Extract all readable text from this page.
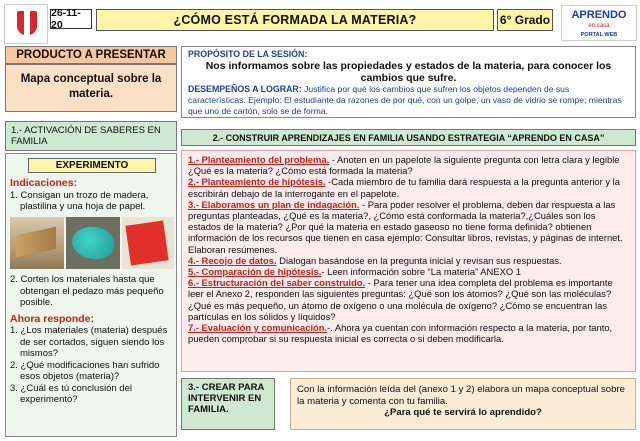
26-11-20	¿CÓMO ESTÁ FORMADA LA MATERIA?	6° Grado	APRENDO
en casa
PORTAL WEB
PRODUCTO A PRESENTAR
Mapa conceptual sobre la materia.
PROPÓSITO DE LA SESIÓN:
Nos informamos sobre las propiedades y estados de la materia, para conocer los cambios que sufre.
DESEMPEÑOS A LOGRAR: Justifica por qué los cambios que sufren los objetos dependen de sus características. Ejemplo: El estudiante da razones de por qué, con un golpe, un vaso de vidrio se rompe; mientras que uno de cartón, solo se de forma.
1.- ACTIVACIÓN DE SABERES EN FAMILIA
EXPERIMENTO
Indicaciones:
1. Consigan un trozo de madera, plastilina y una hoja de papel.
2. Corten los materiales hasta que obtengan el pedazo más pequeño posible.
Ahora responde:
1. ¿Los materiales (materia) después de ser cortados, siguen siendo los mismos?
2. ¿Qué modificaciones han sufrido esos objetos (materia)?
3. ¿Cuál es tú conclusión del experimento?
2.- CONSTRUIR APRENDIZAJES EN FAMILIA USANDO ESTRATEGIA “APRENDO EN CASA”
1.- Planteamiento del problema. - Anoten en un papelote la siguiente pregunta con letra clara y legible ¿Qué es la materia? ¿Cómo está formada la materia?
2.- Planteamiento de hipótesis. -Cada miembro de tu familia dará respuesta a la pregunta anterior y la escribirán debajo de la interrogante en el papelote.
3.- Elaboramos un plan de indagación. - Para poder resolver el problema, deben dar respuesta a las preguntas planteadas, ¿Qué es la materia?, ¿Cómo está conformada la materia?,¿Cuáles son los estados de la materia? ¿Por qué la materia en estado gaseoso no tiene forma definida? obtienen información de los recursos que tienen en casa ejemplo: Consultar libros, revistas, y páginas de internet. Elaboran resúmenes.
4.- Recojo de datos. Dialogan basándose en la pregunta inicial y revisan sus respuestas.
5.- Comparación de hipótesis.- Leen información sobre “La materia” ANEXO 1
6.- Estructuración del saber construido. - Para tener una idea completa del problema es importante leer el Anexo 2, responden las siguientes preguntas: ¿Qué son los átomos? ¿Qué son las moléculas? ¿Qué es más pequeño, un átomo de oxígeno o una molécula de oxígeno? ¿Cómo se encuentran las partículas en los sólidos y líquidos?
7.- Evaluación y comunicación.-. Ahora ya cuentan con información respecto a la materia, por tanto, pueden comprobar si su respuesta inicial es correcta o si deben modificarla.
3.- CREAR PARA INTERVENIR EN FAMILIA.
Con la información leída del (anexo 1 y 2) elabora un mapa conceptual sobre la materia y comenta con tu familia.
¿Para qué te servirá lo aprendido?
